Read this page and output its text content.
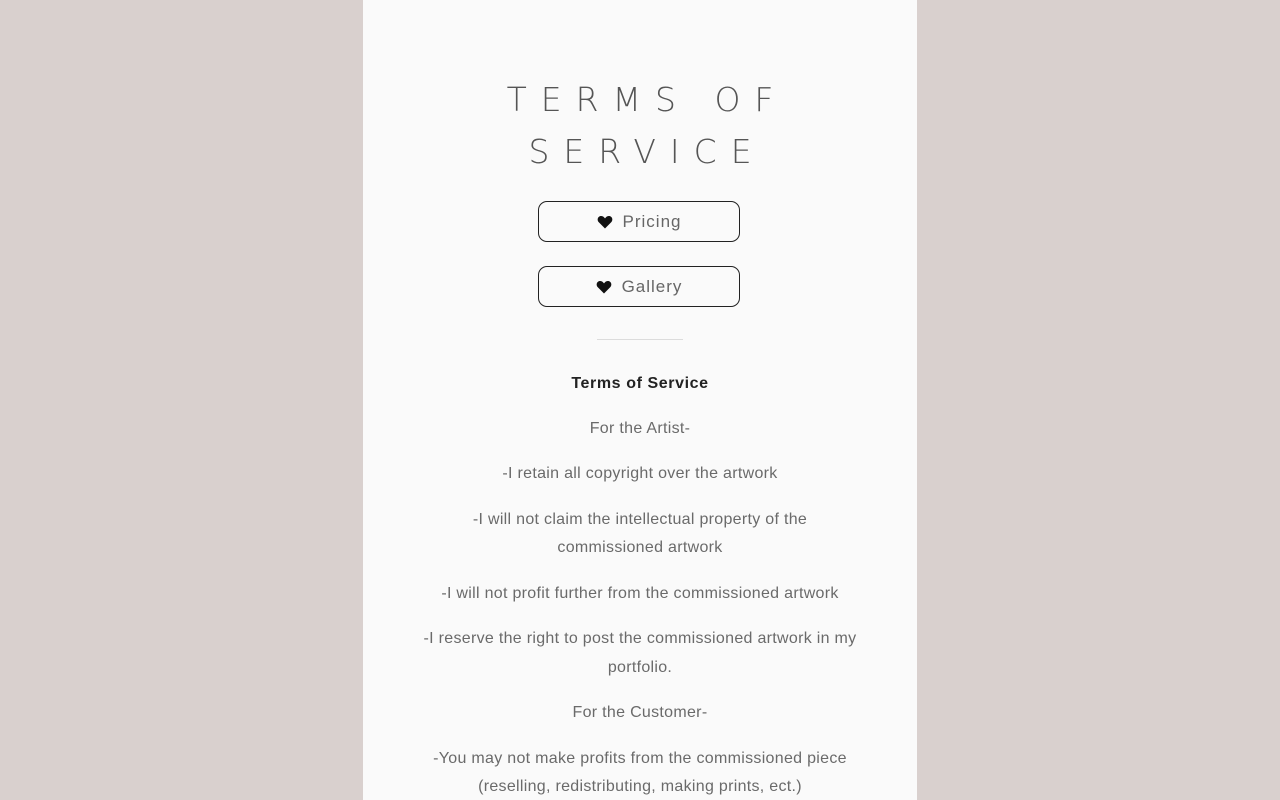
TERMS OF
SERVICE
Pricing
Gallery

Terms of Service

For the Artist-

-I retain all copyright over the artwork

-I will not claim the intellectual property of the commissioned artwork

-I will not profit further from the commissioned artwork

-I reserve the right to post the commissioned artwork in my portfolio.

For the Customer-

-You may not make profits from the commissioned piece (reselling, redistributing, making prints, ect.)
